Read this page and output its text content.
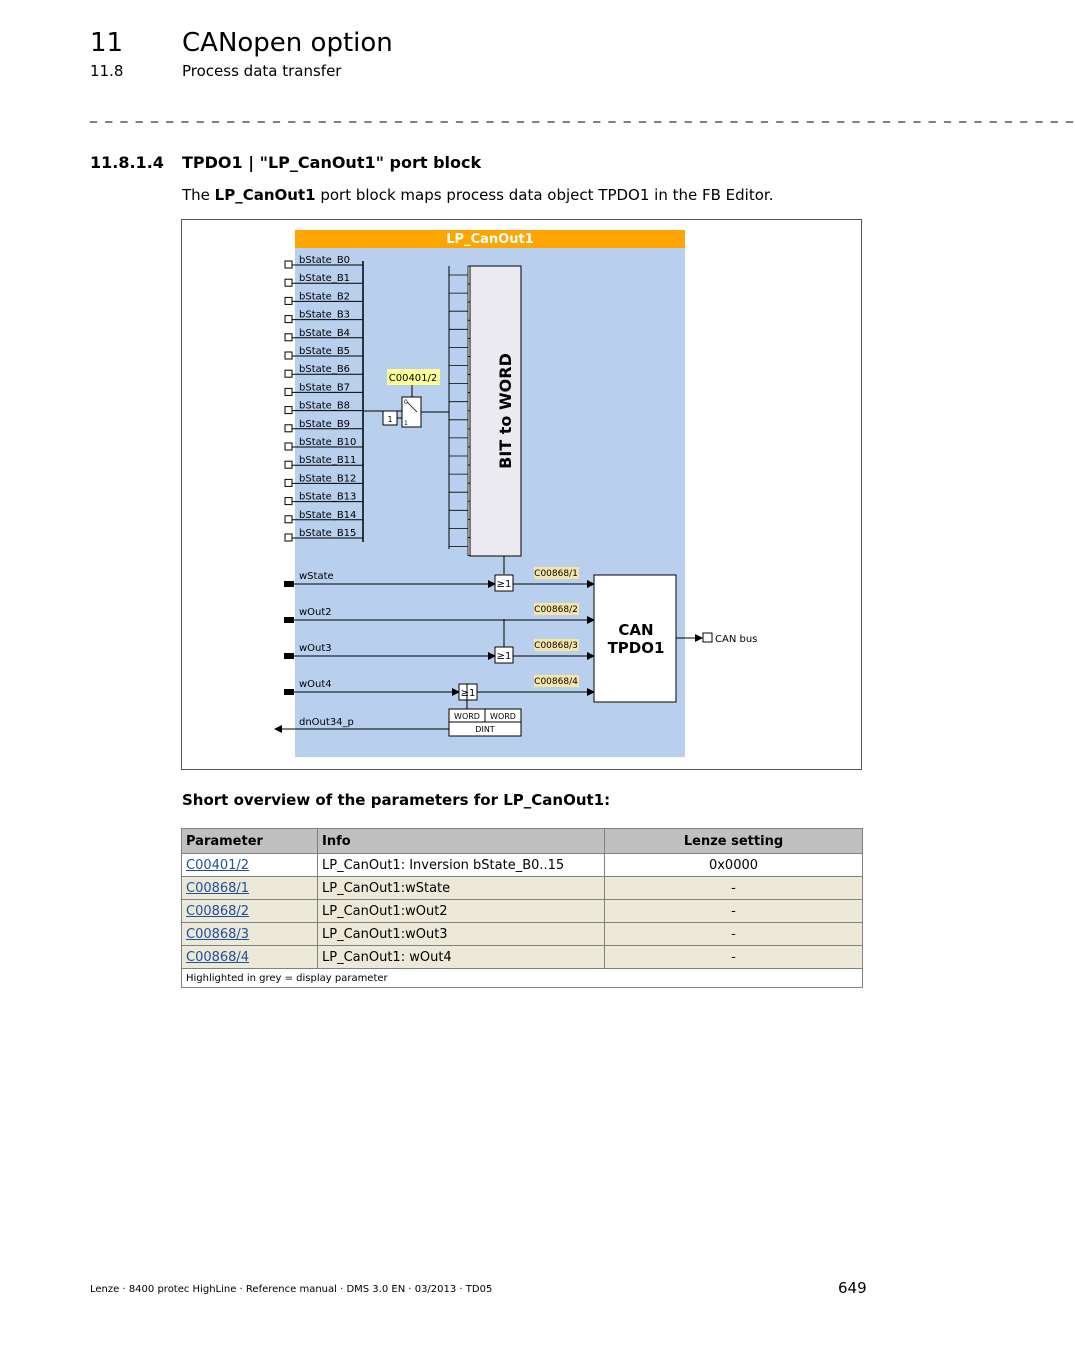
11 CANopen option
11.8	Process data transfer
_ _ _ _ _ _ _ _ _ _ _ _ _ _ _ _ _ _ _ _ _ _ _ _ _ _ _ _ _ _ _ _ _ _ _ _ _ _ _ _ _ _ _ _ _ _ _ _ _ _ _ _ _ _ _ _ _ _ _ _ _ _ _ _ _
11.8.1.4 TPDO1 | "LP_CanOut1" port block
The LP_CanOut1 port block maps process data object TPDO1 in the FB Editor.
LP_CanOut1
bState_B0
bState_B1
bState_B2
bState_B3
bState_B4
bState_B5
bState_B6
bState_B7
bState_B8
bState_B9
bState_B10
bState_B11
bState_B12
bState_B13
bState_B14
bState_B15
BIT to WORD
C00401/2
1
0
1
wState	C00868/1
wOut2	C00868/2
wOut3	C00868/3
wOut4	C00868/4
≥1
≥1
≥1
CAN
TPDO1	CAN bus
WORD WORD
DINT
dnOut34_p
Short overview of the parameters for LP_CanOut1:
Parameter	Info	Lenze setting
C00401/2	LP_CanOut1: Inversion bState_B0..15	0x0000
C00868/1	LP_CanOut1:wState	-
C00868/2	LP_CanOut1:wOut2	-
C00868/3	LP_CanOut1:wOut3	-
C00868/4	LP_CanOut1: wOut4	-
Highlighted in grey = display parameter		
Lenze · 8400 protec HighLine · Reference manual · DMS 3.0 EN · 03/2013 · TD05	649
